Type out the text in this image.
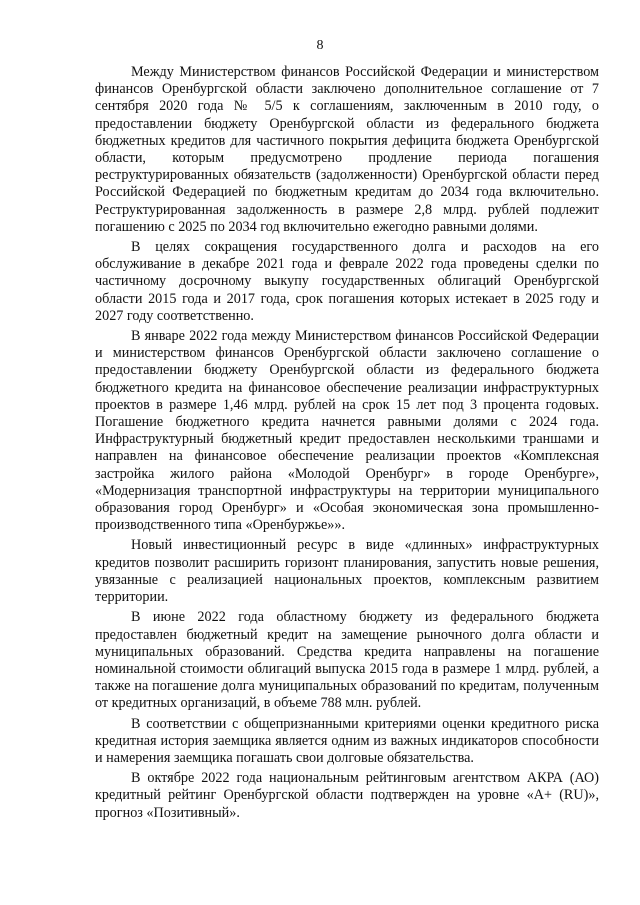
8

Между Министерством финансов Российской Федерации и министерством финансов Оренбургской области заключено дополнительное соглашение от 7 сентября 2020 года № 5/5 к соглашениям, заключенным в 2010 году, о предоставлении бюджету Оренбургской области из федерального бюджета бюджетных кредитов для частичного покрытия дефицита бюджета Оренбургской области, которым предусмотрено продление периода погашения реструктурированных обязательств (задолженности) Оренбургской области перед Российской Федерацией по бюджетным кредитам до 2034 года включительно. Реструктурированная задолженность в размере 2,8 млрд. рублей подлежит погашению с 2025 по 2034 год включительно ежегодно равными долями.

В целях сокращения государственного долга и расходов на его обслуживание в декабре 2021 года и феврале 2022 года проведены сделки по частичному досрочному выкупу государственных облигаций Оренбургской области 2015 года и 2017 года, срок погашения которых истекает в 2025 году и 2027 году соответственно.

В январе 2022 года между Министерством финансов Российской Федерации и министерством финансов Оренбургской области заключено соглашение о предоставлении бюджету Оренбургской области из федерального бюджета бюджетного кредита на финансовое обеспечение реализации инфраструктурных проектов в размере 1,46 млрд. рублей на срок 15 лет под 3 процента годовых. Погашение бюджетного кредита начнется равными долями с 2024 года. Инфраструктурный бюджетный кредит предоставлен несколькими траншами и направлен на финансовое обеспечение реализации проектов «Комплексная застройка жилого района «Молодой Оренбург» в городе Оренбурге», «Модернизация транспортной инфраструктуры на территории муниципального образования город Оренбург» и «Особая экономическая зона промышленно-производственного типа «Оренбуржье»».

Новый инвестиционный ресурс в виде «длинных» инфраструктурных кредитов позволит расширить горизонт планирования, запустить новые решения, увязанные с реализацией национальных проектов, комплексным развитием территории.

В июне 2022 года областному бюджету из федерального бюджета предоставлен бюджетный кредит на замещение рыночного долга области и муниципальных образований. Средства кредита направлены на погашение номинальной стоимости облигаций выпуска 2015 года в размере 1 млрд. рублей, а также на погашение долга муниципальных образований по кредитам, полученным от кредитных организаций, в объеме 788 млн. рублей.

В соответствии с общепризнанными критериями оценки кредитного риска кредитная история заемщика является одним из важных индикаторов способности и намерения заемщика погашать свои долговые обязательства.

В октябре 2022 года национальным рейтинговым агентством АКРА (АО) кредитный рейтинг Оренбургской области подтвержден на уровне «А+ (RU)», прогноз «Позитивный».
